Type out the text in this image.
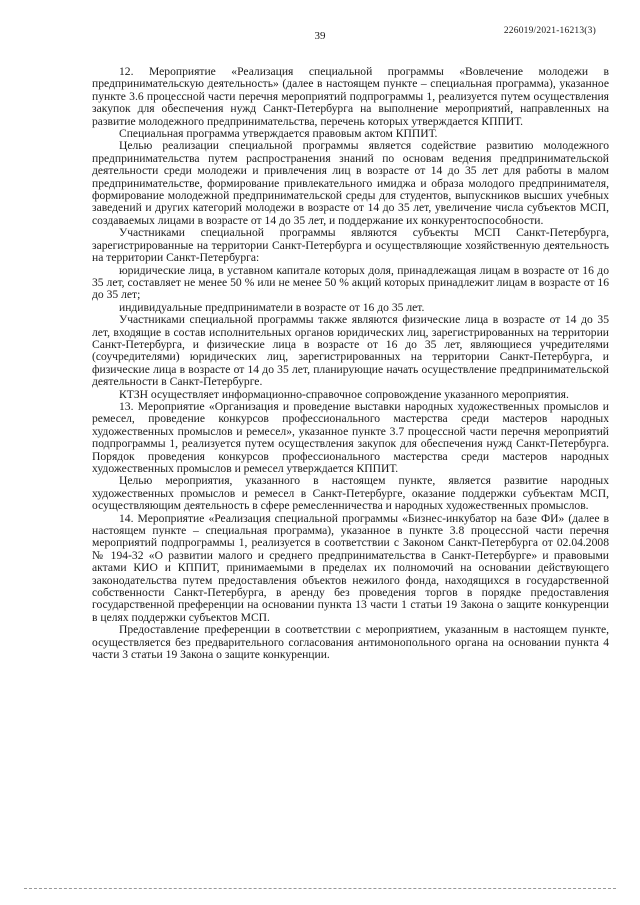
226019/2021-16213(3)
39

12. Мероприятие «Реализация специальной программы «Вовлечение молодежи в предпринимательскую деятельность» (далее в настоящем пункте – специальная программа), указанное пункте 3.6 процессной части перечня мероприятий подпрограммы 1, реализуется путем осуществления закупок для обеспечения нужд Санкт-Петербурга на выполнение мероприятий, направленных на развитие молодежного предпринимательства, перечень которых утверждается КППИТ.

Специальная программа утверждается правовым актом КППИТ.

Целью реализации специальной программы является содействие развитию молодежного предпринимательства путем распространения знаний по основам ведения предпринимательской деятельности среди молодежи и привлечения лиц в возрасте от 14 до 35 лет для работы в малом предпринимательстве, формирование привлекательного имиджа и образа молодого предпринимателя, формирование молодежной предпринимательской среды для студентов, выпускников высших учебных заведений и других категорий молодежи в возрасте от 14 до 35 лет, увеличение числа субъектов МСП, создаваемых лицами в возрасте от 14 до 35 лет, и поддержание их конкурентоспособности.

Участниками специальной программы являются субъекты МСП Санкт-Петербурга, зарегистрированные на территории Санкт-Петербурга и осуществляющие хозяйственную деятельность на территории Санкт-Петербурга:

юридические лица, в уставном капитале которых доля, принадлежащая лицам в возрасте от 16 до 35 лет, составляет не менее 50 % или не менее 50 % акций которых принадлежит лицам в возрасте от 16 до 35 лет;

индивидуальные предприниматели в возрасте от 16 до 35 лет.

Участниками специальной программы также являются физические лица в возрасте от 14 до 35 лет, входящие в состав исполнительных органов юридических лиц, зарегистрированных на территории Санкт-Петербурга, и физические лица в возрасте от 16 до 35 лет, являющиеся учредителями (соучредителями) юридических лиц, зарегистрированных на территории Санкт-Петербурга, и физические лица в возрасте от 14 до 35 лет, планирующие начать осуществление предпринимательской деятельности в Санкт-Петербурге.

КТЗН осуществляет информационно-справочное сопровождение указанного мероприятия.

13. Мероприятие «Организация и проведение выставки народных художественных промыслов и ремесел, проведение конкурсов профессионального мастерства среди мастеров народных художественных промыслов и ремесел», указанное пункте 3.7 процессной части перечня мероприятий подпрограммы 1, реализуется путем осуществления закупок для обеспечения нужд Санкт-Петербурга. Порядок проведения конкурсов профессионального мастерства среди мастеров народных художественных промыслов и ремесел утверждается КППИТ.

Целью мероприятия, указанного в настоящем пункте, является развитие народных художественных промыслов и ремесел в Санкт-Петербурге, оказание поддержки субъектам МСП, осуществляющим деятельность в сфере ремесленничества и народных художественных промыслов.

14. Мероприятие «Реализация специальной программы «Бизнес-инкубатор на базе ФИ» (далее в настоящем пункте – специальная программа), указанное в пункте 3.8 процессной части перечня мероприятий подпрограммы 1, реализуется в соответствии с Законом Санкт-Петербурга от 02.04.2008 № 194-32 «О развитии малого и среднего предпринимательства в Санкт-Петербурге» и правовыми актами КИО и КППИТ, принимаемыми в пределах их полномочий на основании действующего законодательства путем предоставления объектов нежилого фонда, находящихся в государственной собственности Санкт-Петербурга, в аренду без проведения торгов в порядке предоставления государственной преференции на основании пункта 13 части 1 статьи 19 Закона о защите конкуренции в целях поддержки субъектов МСП.

Предоставление преференции в соответствии с мероприятием, указанным в настоящем пункте, осуществляется без предварительного согласования антимонопольного органа на основании пункта 4 части 3 статьи 19 Закона о защите конкуренции.
